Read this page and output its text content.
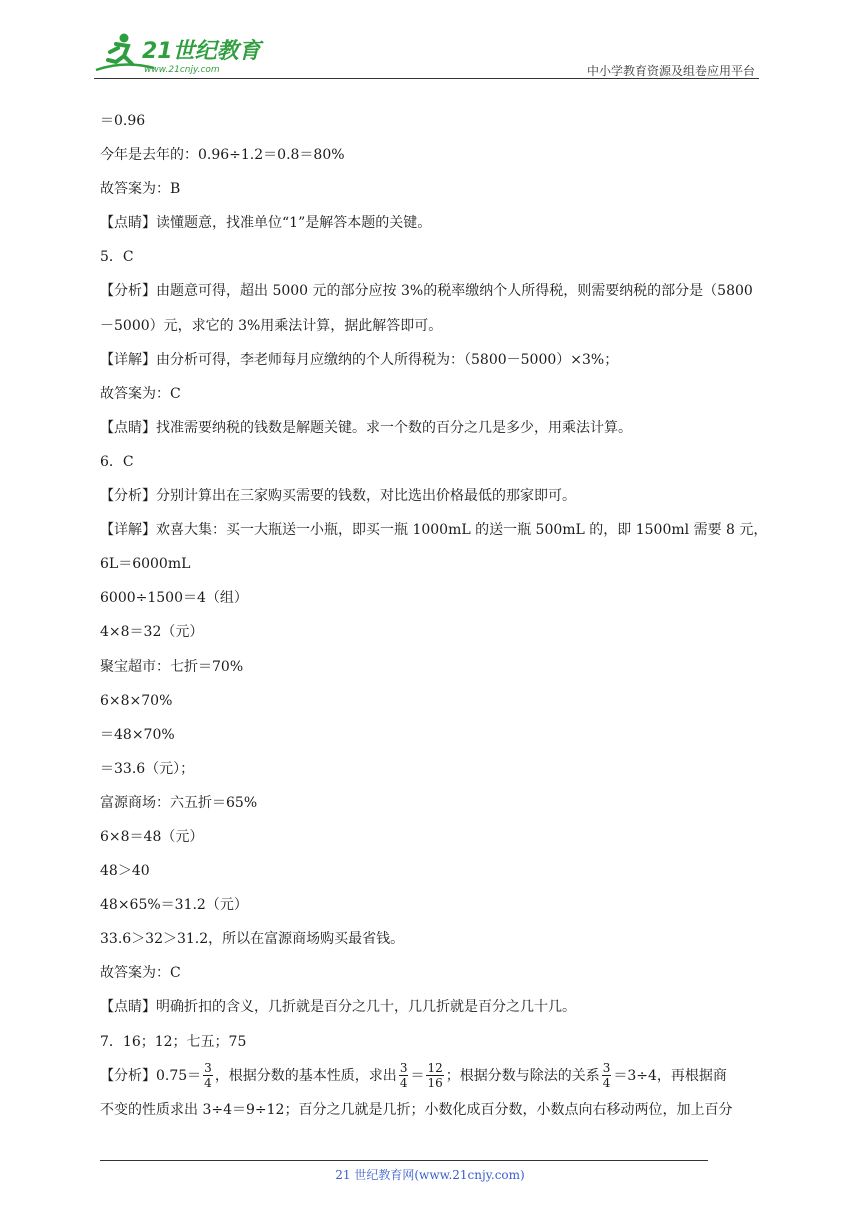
21世纪教育
www.21cnjy.com	中小学教育资源及组卷应用平台
＝0.96
今年是去年的：0.96÷1.2＝0.8＝80%
故答案为：B
【点睛】读懂题意，找准单位“1”是解答本题的关键。
5．C
【分析】由题意可得，超出 5000 元的部分应按 3%的税率缴纳个人所得税，则需要纳税的部分是（5800
－5000）元，求它的 3%用乘法计算，据此解答即可。
【详解】由分析可得，李老师每月应缴纳的个人所得税为：（5800－5000）×3%；
故答案为：C
【点睛】找准需要纳税的钱数是解题关键。求一个数的百分之几是多少，用乘法计算。
6．C
【分析】分别计算出在三家购买需要的钱数，对比选出价格最低的那家即可。
【详解】欢喜大集：买一大瓶送一小瓶，即买一瓶 1000mL 的送一瓶 500mL 的，即 1500ml 需要 8 元，
6L＝6000mL
6000÷1500＝4（组）
4×8＝32（元）
聚宝超市：七折＝70%
6×8×70%
＝48×70%
＝33.6（元）；
富源商场：六五折＝65%
6×8＝48（元）
48＞40
48×65%＝31.2（元）
33.6＞32＞31.2，所以在富源商场购买最省钱。
故答案为：C
【点睛】明确折扣的含义，几折就是百分之几十，几几折就是百分之几十几。
7．16；12；七五；75
【分析】$0.75= \frac{3}{4}$ ，根据分数的基本性质，求出 $\frac{3}{4} = \frac{12}{16}$ ；根据分数与除法的关系 $\frac{3}{4} =3\div 4$，再根据商
不变的性质求出 3÷4＝9÷12；百分之几就是几折；小数化成百分数，小数点向右移动两位，加上百分
21 世纪教育网(www.21cnjy.com)
